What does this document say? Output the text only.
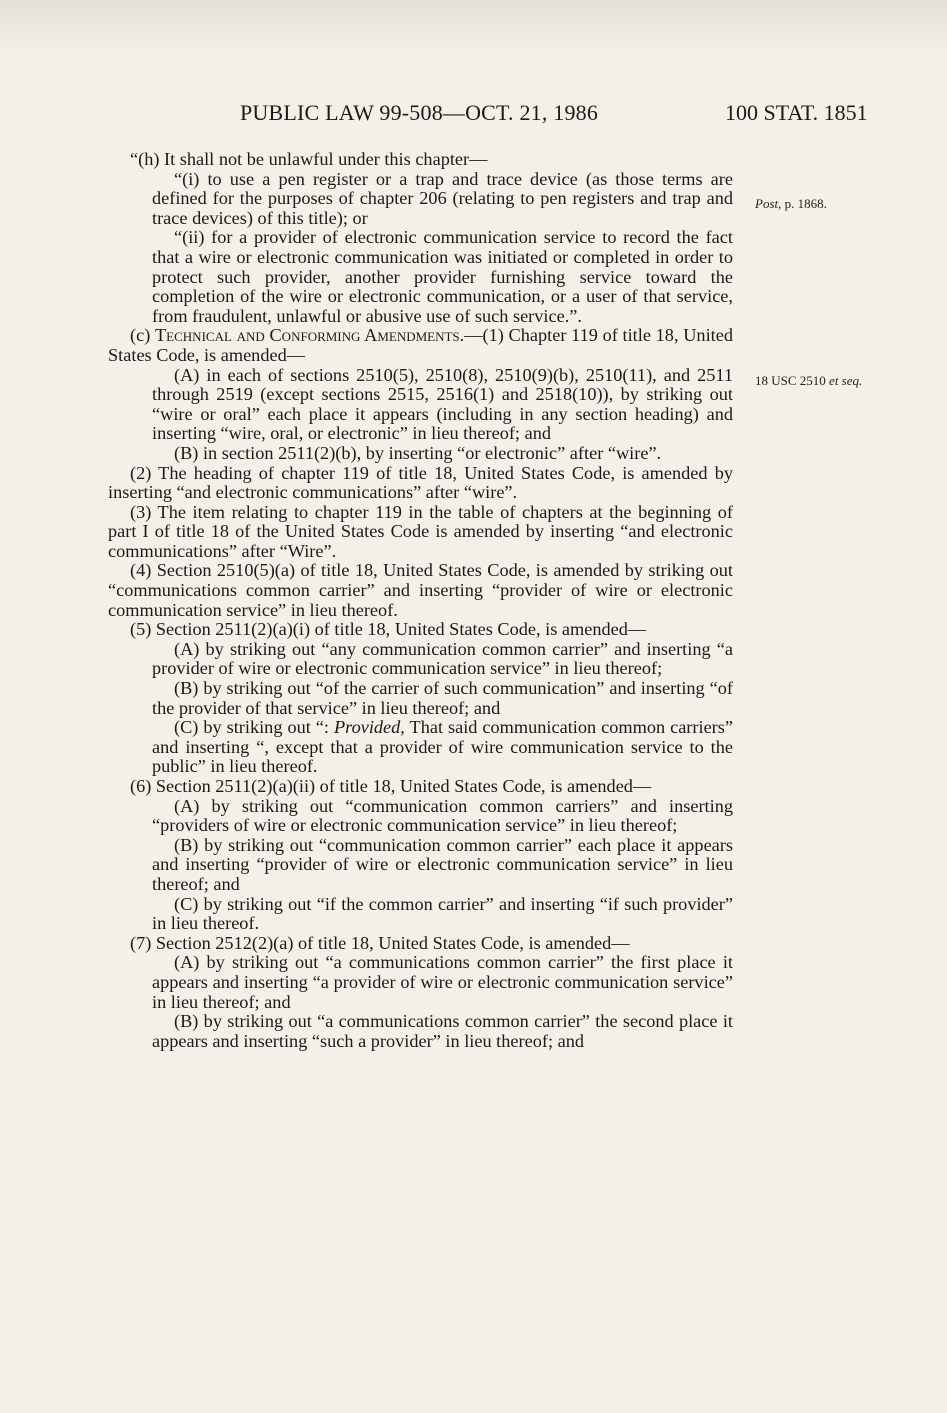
PUBLIC LAW 99-508—OCT. 21, 1986	100 STAT. 1851
Post, p. 1868.
18 USC 2510 et seq.

“(h) It shall not be unlawful under this chapter—

“(i) to use a pen register or a trap and trace device (as those terms are defined for the purposes of chapter 206 (relating to pen registers and trap and trace devices) of this title); or

“(ii) for a provider of electronic communication service to record the fact that a wire or electronic communication was initiated or completed in order to protect such provider, another provider furnishing service toward the completion of the wire or electronic communication, or a user of that service, from fraudulent, unlawful or abusive use of such service.”.

(c) Technical and Conforming Amendments.—(1) Chapter 119 of title 18, United States Code, is amended—

(A) in each of sections 2510(5), 2510(8), 2510(9)(b), 2510(11), and 2511 through 2519 (except sections 2515, 2516(1) and 2518(10)), by striking out “wire or oral” each place it appears (including in any section heading) and inserting “wire, oral, or electronic” in lieu thereof; and

(B) in section 2511(2)(b), by inserting “or electronic” after “wire”.

(2) The heading of chapter 119 of title 18, United States Code, is amended by inserting “and electronic communications” after “wire”.

(3) The item relating to chapter 119 in the table of chapters at the beginning of part I of title 18 of the United States Code is amended by inserting “and electronic communications” after “Wire”.

(4) Section 2510(5)(a) of title 18, United States Code, is amended by striking out “communications common carrier” and inserting “provider of wire or electronic communication service” in lieu thereof.

(5) Section 2511(2)(a)(i) of title 18, United States Code, is amended—

(A) by striking out “any communication common carrier” and inserting “a provider of wire or electronic communication service” in lieu thereof;

(B) by striking out “of the carrier of such communication” and inserting “of the provider of that service” in lieu thereof; and

(C) by striking out “: Provided, That said communication common carriers” and inserting “, except that a provider of wire communication service to the public” in lieu thereof.

(6) Section 2511(2)(a)(ii) of title 18, United States Code, is amended—

(A) by striking out “communication common carriers” and inserting “providers of wire or electronic communication service” in lieu thereof;

(B) by striking out “communication common carrier” each place it appears and inserting “provider of wire or electronic communication service” in lieu thereof; and

(C) by striking out “if the common carrier” and inserting “if such provider” in lieu thereof.

(7) Section 2512(2)(a) of title 18, United States Code, is amended—

(A) by striking out “a communications common carrier” the first place it appears and inserting “a provider of wire or electronic communication service” in lieu thereof; and

(B) by striking out “a communications common carrier” the second place it appears and inserting “such a provider” in lieu thereof; and
